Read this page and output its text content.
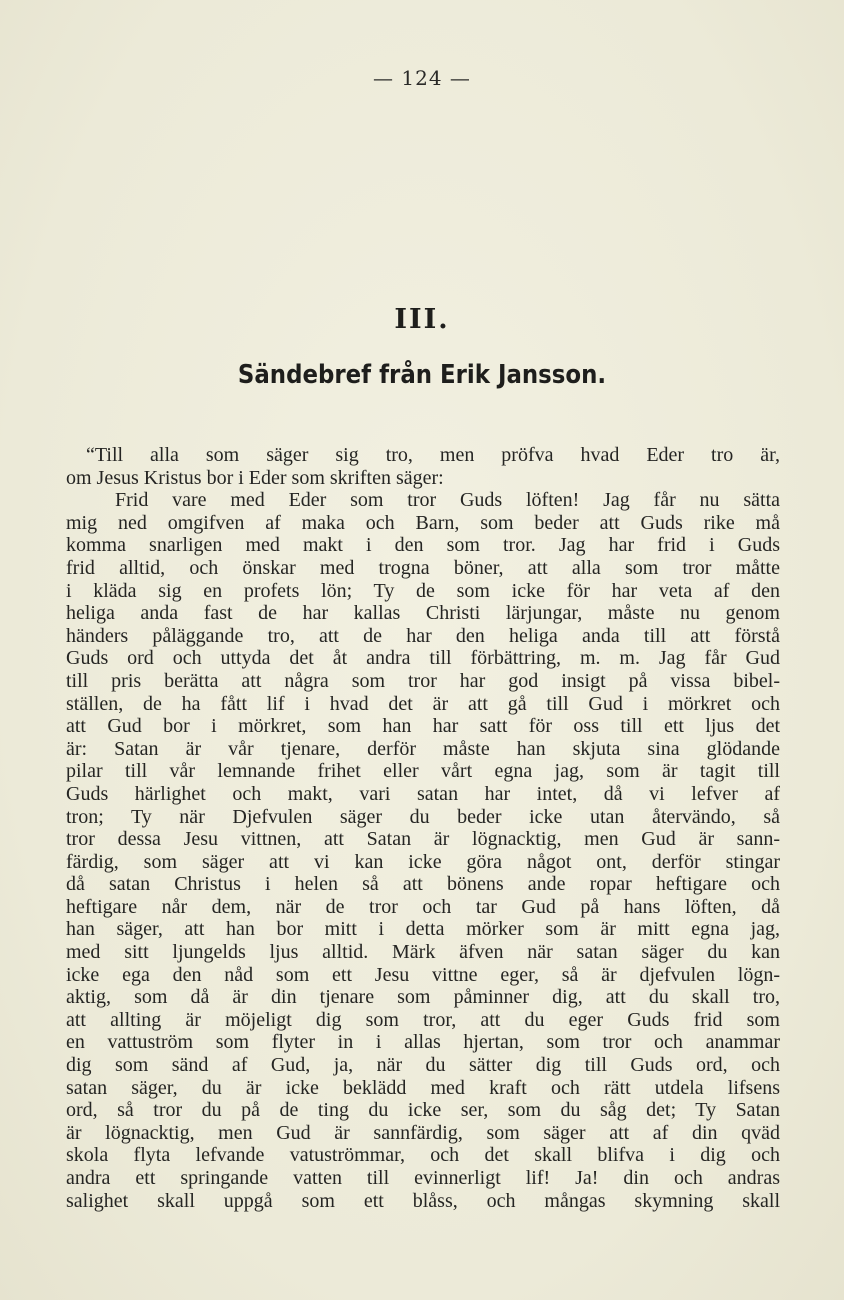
— 124 —
III.
Sändebref från Erik Jansson.
“Till alla som säger sig tro, men pröfva hvad Eder tro är,
om Jesus Kristus bor i Eder som skriften säger:
Frid vare med Eder som tror Guds löften! Jag får nu sätta
mig ned omgifven af maka och Barn, som beder att Guds rike må
komma snarligen med makt i den som tror. Jag har frid i Guds
frid alltid, och önskar med trogna böner, att alla som tror måtte
i kläda sig en profets lön; Ty de som icke för har veta af den
heliga anda fast de har kallas Christi lärjungar, måste nu genom
händers påläggande tro, att de har den heliga anda till att förstå
Guds ord och uttyda det åt andra till förbättring, m. m. Jag får Gud
till pris berätta att några som tror har god insigt på vissa bibel-
ställen, de ha fått lif i hvad det är att gå till Gud i mörkret och
att Gud bor i mörkret, som han har satt för oss till ett ljus det
är: Satan är vår tjenare, derför måste han skjuta sina glödande
pilar till vår lemnande frihet eller vårt egna jag, som är tagit till
Guds härlighet och makt, vari satan har intet, då vi lefver af
tron; Ty när Djefvulen säger du beder icke utan återvändo, så
tror dessa Jesu vittnen, att Satan är lögnacktig, men Gud är sann-
färdig, som säger att vi kan icke göra något ont, derför stingar
då satan Christus i helen så att bönens ande ropar heftigare och
heftigare når dem, när de tror och tar Gud på hans löften, då
han säger, att han bor mitt i detta mörker som är mitt egna jag,
med sitt ljungelds ljus alltid. Märk äfven när satan säger du kan
icke ega den nåd som ett Jesu vittne eger, så är djefvulen lögn-
aktig, som då är din tjenare som påminner dig, att du skall tro,
att allting är möjeligt dig som tror, att du eger Guds frid som
en vattuström som flyter in i allas hjertan, som tror och anammar
dig som sänd af Gud, ja, när du sätter dig till Guds ord, och
satan säger, du är icke beklädd med kraft och rätt utdela lifsens
ord, så tror du på de ting du icke ser, som du såg det; Ty Satan
är lögnacktig, men Gud är sannfärdig, som säger att af din qväd
skola flyta lefvande vatuströmmar, och det skall blifva i dig och
andra ett springande vatten till evinnerligt lif! Ja! din och andras
salighet skall uppgå som ett blåss, och mångas skymning skall
